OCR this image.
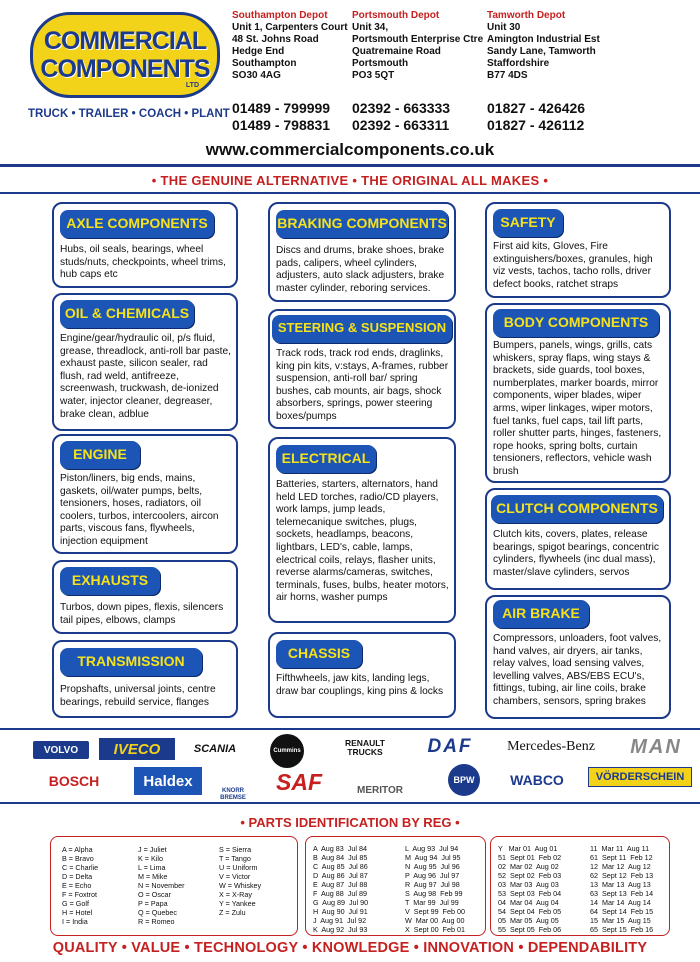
COMMERCIAL
COMPONENTS
LTD
TRUCK • TRAILER • COACH • PLANT
Southampton Depot
Unit 1, Carpenters Court
48 St. Johns Road
Hedge End
Southampton
SO30 4AG
Portsmouth Depot
Unit 34,
Portsmouth Enterprise Ctre
Quatremaine Road
Portsmouth
PO3 5QT
Tamworth Depot
Unit 30
Amington Industrial Est
Sandy Lane, Tamworth
Staffordshire
B77 4DS
01489 - 799999
01489 - 798831
02392 - 663333
02392 - 663311
01827 - 426426
01827 - 426112
www.commercialcomponents.co.uk
• THE GENUINE ALTERNATIVE • THE ORIGINAL ALL MAKES •
AXLE COMPONENTS
Hubs, oil seals, bearings, wheel studs/nuts, checkpoints, wheel trims, hub caps etc
OIL & CHEMICALS
Engine/gear/hydraulic oil, p/s fluid, grease, threadlock, anti-roll bar paste, exhaust paste, silicon sealer, rad flush, rad weld, antifreeze, screenwash, truckwash, de-ionized water, injector cleaner, degreaser, brake clean, adblue
ENGINE
Piston/liners, big ends, mains, gaskets, oil/water pumps, belts, tensioners, hoses, radiators, oil coolers, turbos, intercoolers, aircon parts, viscous fans, flywheels, injection equipment
EXHAUSTS
Turbos, down pipes, flexis, silencers tail pipes, elbows, clamps
TRANSMISSION
Propshafts, universal joints, centre bearings, rebuild service, flanges
BRAKING COMPONENTS
Discs and drums, brake shoes, brake pads, calipers, wheel cylinders, adjusters, auto slack adjusters, brake master cylinder, reboring services.
STEERING & SUSPENSION
Track rods, track rod ends, draglinks, king pin kits, v:stays, A-frames, rubber suspension, anti-roll bar/ spring bushes, cab mounts, air bags, shock absorbers, springs, power steering boxes/pumps
ELECTRICAL
Batteries, starters, alternators, hand held LED torches, radio/CD players, work lamps, jump leads, telemecanique switches, plugs, sockets, headlamps, beacons, lightbars, LED's, cable, lamps, electrical coils, relays, flasher units, reverse alarms/cameras, switches, terminals, fuses, bulbs, heater motors, air horns, washer pumps
CHASSIS
Fifthwheels, jaw kits, landing legs, draw bar couplings, king pins & locks
SAFETY
First aid kits, Gloves, Fire extinguishers/boxes, granules, high viz vests, tachos, tacho rolls, driver defect books, ratchet straps
BODY COMPONENTS
Bumpers, panels, wings, grills, cats whiskers, spray flaps, wing stays & brackets, side guards, tool boxes, numberplates, marker boards, mirror components, wiper blades, wiper arms, wiper linkages, wiper motors, fuel tanks, fuel caps, tail lift parts, roller shutter parts, hinges, fasteners, rope hooks, spring bolts, curtain tensioners, reflectors, vehicle wash brush
CLUTCH COMPONENTS
Clutch kits, covers, plates, release bearings, spigot bearings, concentric cylinders, flywheels (inc dual mass), master/slave cylinders, servos
AIR BRAKE
Compressors, unloaders, foot valves, hand valves, air dryers, air tanks, relay valves, load sensing valves, levelling valves, ABS/EBS ECU's, fittings, tubing, air line coils, brake chambers, sensors, spring brakes
VOLVO	IVECO	SCANIA	Cummins
RENAULT TRUCKS	DAF	Mercedes-Benz	MAN
BOSCH	Haldex
KNORR BREMSE
SAF	MERITOR
BPW	WABCO	VÖRDERSCHEIN
• PARTS IDENTIFICATION BY REG •
A = Alpha
B = Bravo
C = Charlie
D = Delta
E = Echo
F = Foxtrot
G = Golf
H = Hotel
I = India
J = Juliet
K = Kilo
L = Lima
M = Mike
N = November
O = Oscar
P = Papa
Q = Quebec
R = Romeo
S = Sierra
T = Tango
U = Uniform
V = Victor
W = Whiskey
X = X-Ray
Y = Yankee
Z = Zulu
A  Aug 83  Jul 84
B  Aug 84  Jul 85
C  Aug 85  Jul 86
D  Aug 86  Jul 87
E  Aug 87  Jul 88
F  Aug 88  Jul 89
G  Aug 89  Jul 90
H  Aug 90  Jul 91
J  Aug 91  Jul 92
K  Aug 92  Jul 93
L  Aug 93  Jul 94
M  Aug 94  Jul 95
N  Aug 95  Jul 96
P  Aug 96  Jul 97
R  Aug 97  Jul 98
S  Aug 98  Feb 99
T  Mar 99  Jul 99
V  Sept 99  Feb 00
W  Mar 00  Aug 00
X  Sept 00  Feb 01
Y   Mar 01  Aug 01
51  Sept 01  Feb 02
02  Mar 02  Aug 02
52  Sept 02  Feb 03
03  Mar 03  Aug 03
53  Sept 03  Feb 04
04  Mar 04  Aug 04
54  Sept 04  Feb 05
05  Mar 05  Aug 05
55  Sept 05  Feb 06
11  Mar 11  Aug 11
61  Sept 11  Feb 12
12  Mar 12  Aug 12
62  Sept 12  Feb 13
13  Mar 13  Aug 13
63  Sept 13  Feb 14
14  Mar 14  Aug 14
64  Sept 14  Feb 15
15  Mar 15  Aug 15
65  Sept 15  Feb 16
QUALITY • VALUE • TECHNOLOGY • KNOWLEDGE • INNOVATION • DEPENDABILITY
